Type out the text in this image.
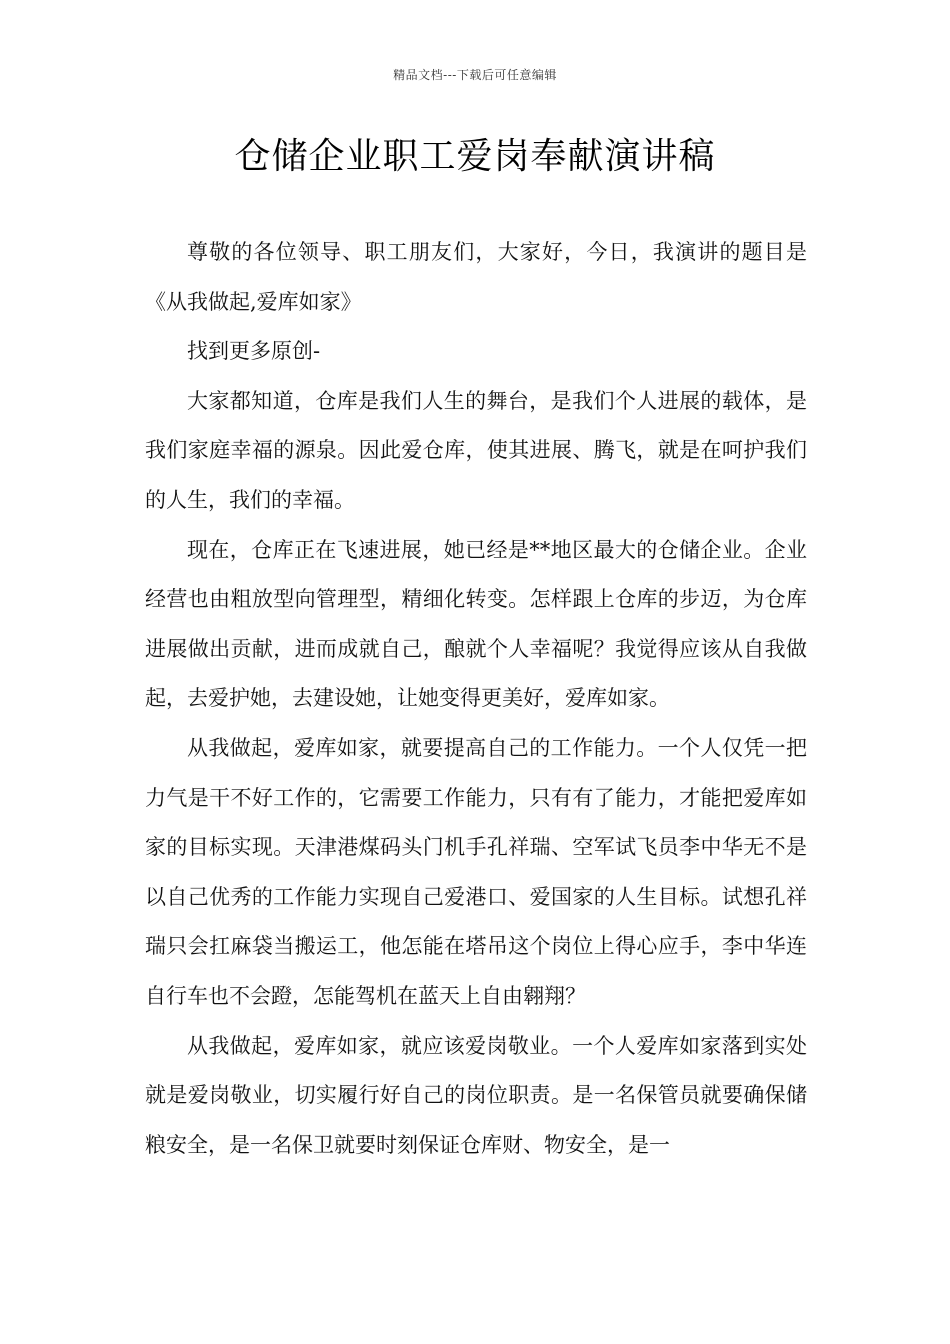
精品文档---下载后可任意编辑
仓储企业职工爱岗奉献演讲稿

尊敬的各位领导、职工朋友们，大家好，今日，我演讲的题目是《从我做起,爱库如家》

找到更多原创-

大家都知道，仓库是我们人生的舞台，是我们个人进展的载体，是我们家庭幸福的源泉。因此爱仓库，使其进展、腾飞，就是在呵护我们的人生，我们的幸福。

现在，仓库正在飞速进展，她已经是**地区最大的仓储企业。企业经营也由粗放型向管理型，精细化转变。怎样跟上仓库的步迈，为仓库进展做出贡献，进而成就自己，酿就个人幸福呢？我觉得应该从自我做起，去爱护她，去建设她，让她变得更美好，爱库如家。

从我做起，爱库如家，就要提高自己的工作能力。一个人仅凭一把力气是干不好工作的，它需要工作能力，只有有了能力，才能把爱库如家的目标实现。天津港煤码头门机手孔祥瑞、空军试飞员李中华无不是以自己优秀的工作能力实现自己爱港口、爱国家的人生目标。试想孔祥瑞只会扛麻袋当搬运工，他怎能在塔吊这个岗位上得心应手，李中华连自行车也不会蹬，怎能驾机在蓝天上自由翱翔？

从我做起，爱库如家，就应该爱岗敬业。一个人爱库如家落到实处就是爱岗敬业，切实履行好自己的岗位职责。是一名保管员就要确保储粮安全，是一名保卫就要时刻保证仓库财、物安全，是一
